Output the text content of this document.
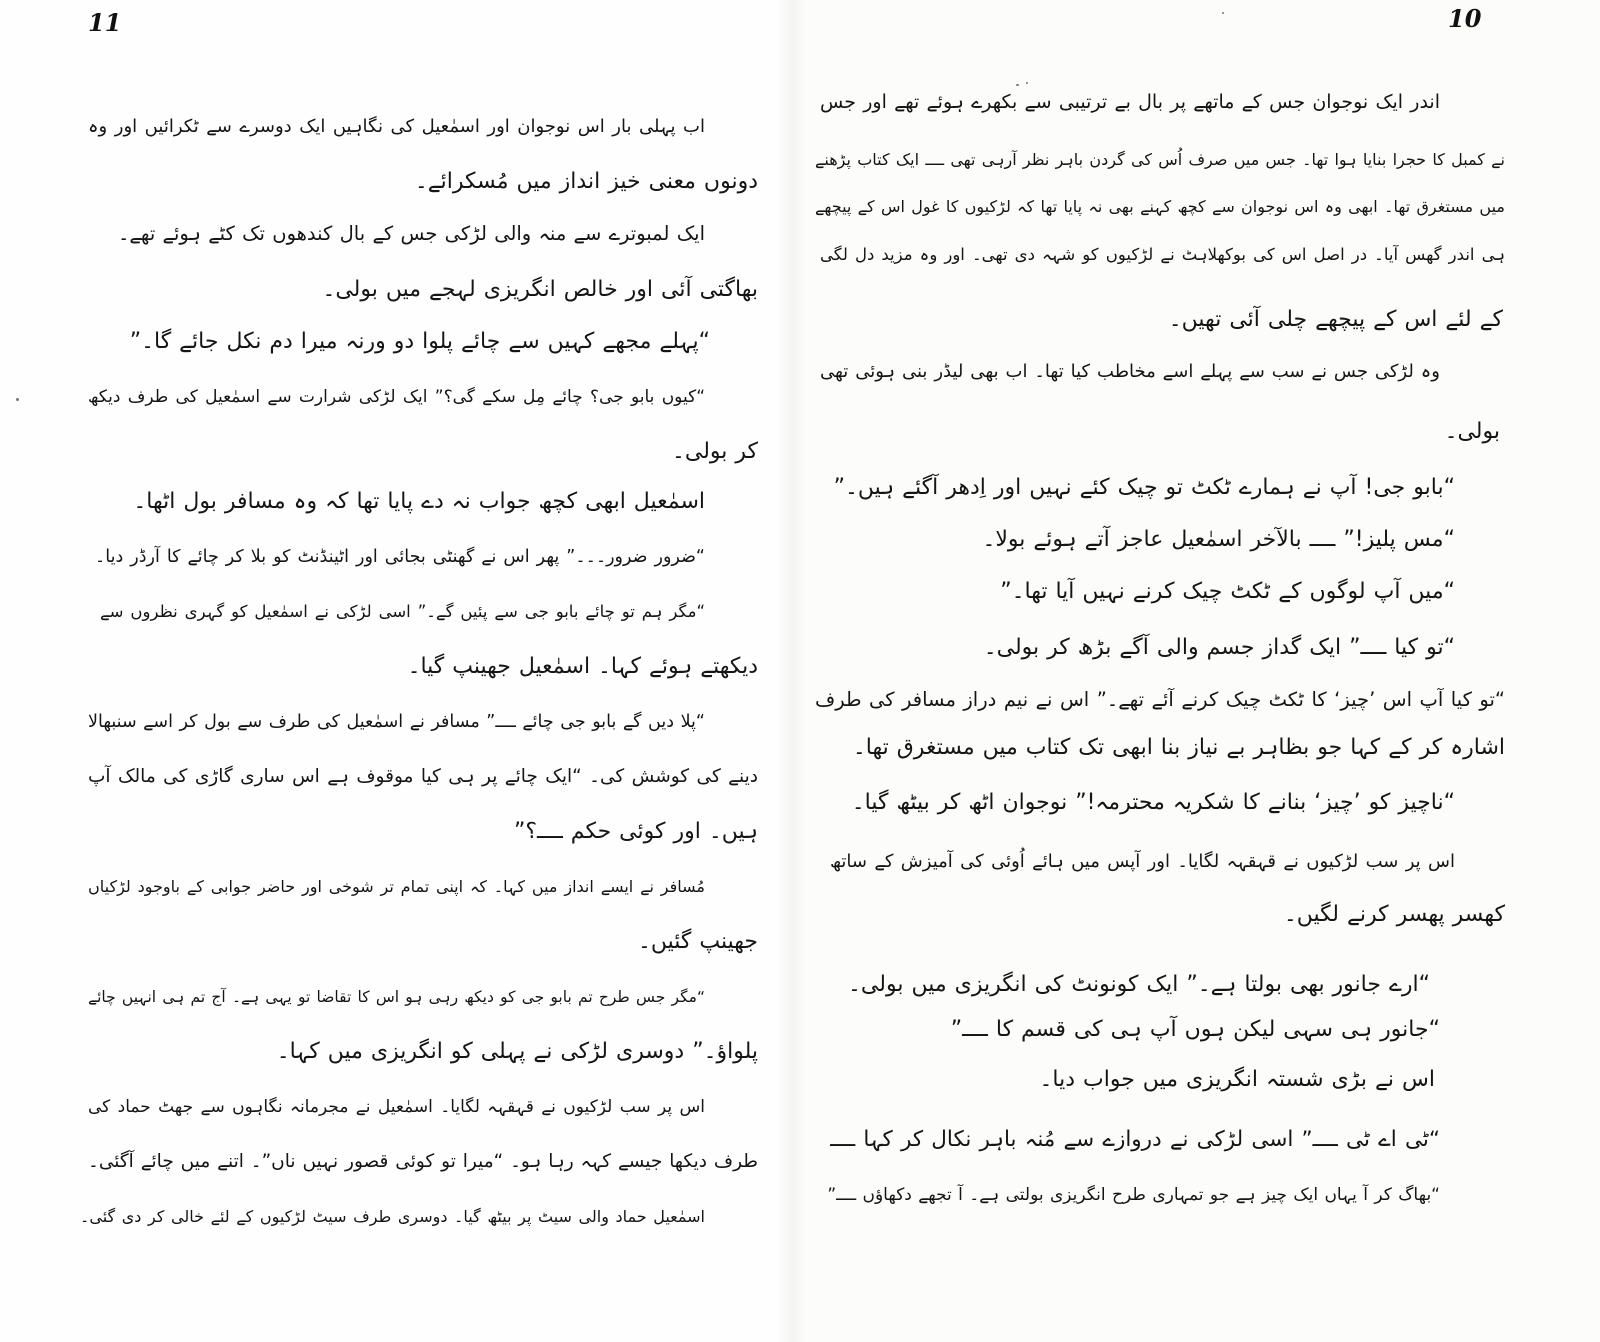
11	10
اندر ایک نوجوان جس کے ماتھے پر بال بے ترتیبی سے بکھرے ہوئے تھے اور جس
نے کمبل کا حجرا بنایا ہوا تھا۔ جس میں صرف اُس کی گردن باہر نظر آرہی تھی ــــ ایک کتاب پڑھنے
میں مستغرق تھا۔ ابھی وہ اس نوجوان سے کچھ کہنے بھی نہ پایا تھا کہ لڑکیوں کا غول اس کے پیچھے
ہی اندر گھس آیا۔ در اصل اس کی بوکھلاہٹ نے لڑکیوں کو شہہ دی تھی۔ اور وہ مزید دل لگی
کے لئے اس کے پیچھے چلی آئی تھیں۔
وہ لڑکی جس نے سب سے پہلے اسے مخاطب کیا تھا۔ اب بھی لیڈر بنی ہوئی تھی
بولی۔
“بابو جی! آپ نے ہمارے ٹکٹ تو چیک کئے نہیں اور اِدھر آگئے ہیں۔”
“مس پلیز!” ــــ بالآخر اسمٰعیل عاجز آتے ہوئے بولا۔
“میں آپ لوگوں کے ٹکٹ چیک کرنے نہیں آیا تھا۔”
“تو کیا ــــ” ایک گداز جسم والی آگے بڑھ کر بولی۔
“تو کیا آپ اس ’چیز‘ کا ٹکٹ چیک کرنے آئے تھے۔” اس نے نیم دراز مسافر کی طرف
اشارہ کر کے کہا جو بظاہر بے نیاز بنا ابھی تک کتاب میں مستغرق تھا۔
“ناچیز کو ’چیز‘ بنانے کا شکریہ محترمہ!” نوجوان اٹھ کر بیٹھ گیا۔
اس پر سب لڑکیوں نے قہقہہ لگایا۔ اور آپس میں ہائے اُوئی کی آمیزش کے ساتھ
کھسر پھسر کرنے لگیں۔
“ارے جانور بھی بولتا ہے۔” ایک کونونٹ کی انگریزی میں بولی۔
“جانور ہی سہی لیکن ہوں آپ ہی کی قسم کا ــــ”
اس نے بڑی شستہ انگریزی میں جواب دیا۔
“ٹی اے ٹی ــــ” اسی لڑکی نے دروازے سے مُنہ باہر نکال کر کہا ــــ
“بھاگ کر آ یہاں ایک چیز ہے جو تمہاری طرح انگریزی بولتی ہے۔ آ تجھے دکھاؤں ــــ”
اب پہلی بار اس نوجوان اور اسمٰعیل کی نگاہیں ایک دوسرے سے ٹکرائیں اور وہ
دونوں معنی خیز انداز میں مُسکرائے۔
ایک لمبوترے سے منہ والی لڑکی جس کے بال کندھوں تک کٹے ہوئے تھے۔
بھاگتی آئی اور خالص انگریزی لہجے میں بولی۔
“پہلے مجھے کہیں سے چائے پلوا دو ورنہ میرا دم نکل جائے گا۔”
“کیوں بابو جی؟ چائے مِل سکے گی؟” ایک لڑکی شرارت سے اسمٰعیل کی طرف دیکھ
کر بولی۔
اسمٰعیل ابھی کچھ جواب نہ دے پایا تھا کہ وہ مسافر بول اٹھا۔
“ضرور ضرور۔۔۔” پھر اس نے گھنٹی بجائی اور اٹینڈنٹ کو بلا کر چائے کا آرڈر دیا۔
“مگر ہم تو چائے بابو جی سے پئیں گے۔” اسی لڑکی نے اسمٰعیل کو گہری نظروں سے
دیکھتے ہوئے کہا۔ اسمٰعیل جھینپ گیا۔
“پلا دیں گے بابو جی چائے ــــ” مسافر نے اسمٰعیل کی طرف سے بول کر اسے سنبھالا
دینے کی کوشش کی۔ “ایک چائے پر ہی کیا موقوف ہے اس ساری گاڑی کی مالک آپ
ہیں۔ اور کوئی حکم ــــ؟”
مُسافر نے ایسے انداز میں کہا۔ کہ اپنی تمام تر شوخی اور حاضر جوابی کے باوجود لڑکیاں
جھینپ گئیں۔
“مگر جس طرح تم بابو جی کو دیکھ رہی ہو اس کا تقاضا تو یہی ہے۔ آج تم ہی انہیں چائے
پلواؤ۔” دوسری لڑکی نے پہلی کو انگریزی میں کہا۔
اس پر سب لڑکیوں نے قہقہہ لگایا۔ اسمٰعیل نے مجرمانہ نگاہوں سے جھٹ حماد کی
طرف دیکھا جیسے کہہ رہا ہو۔ “میرا تو کوئی قصور نہیں ناں”۔ اتنے میں چائے آگئی۔
اسمٰعیل حماد والی سیٹ پر بیٹھ گیا۔ دوسری طرف سیٹ لڑکیوں کے لئے خالی کر دی گئی۔
